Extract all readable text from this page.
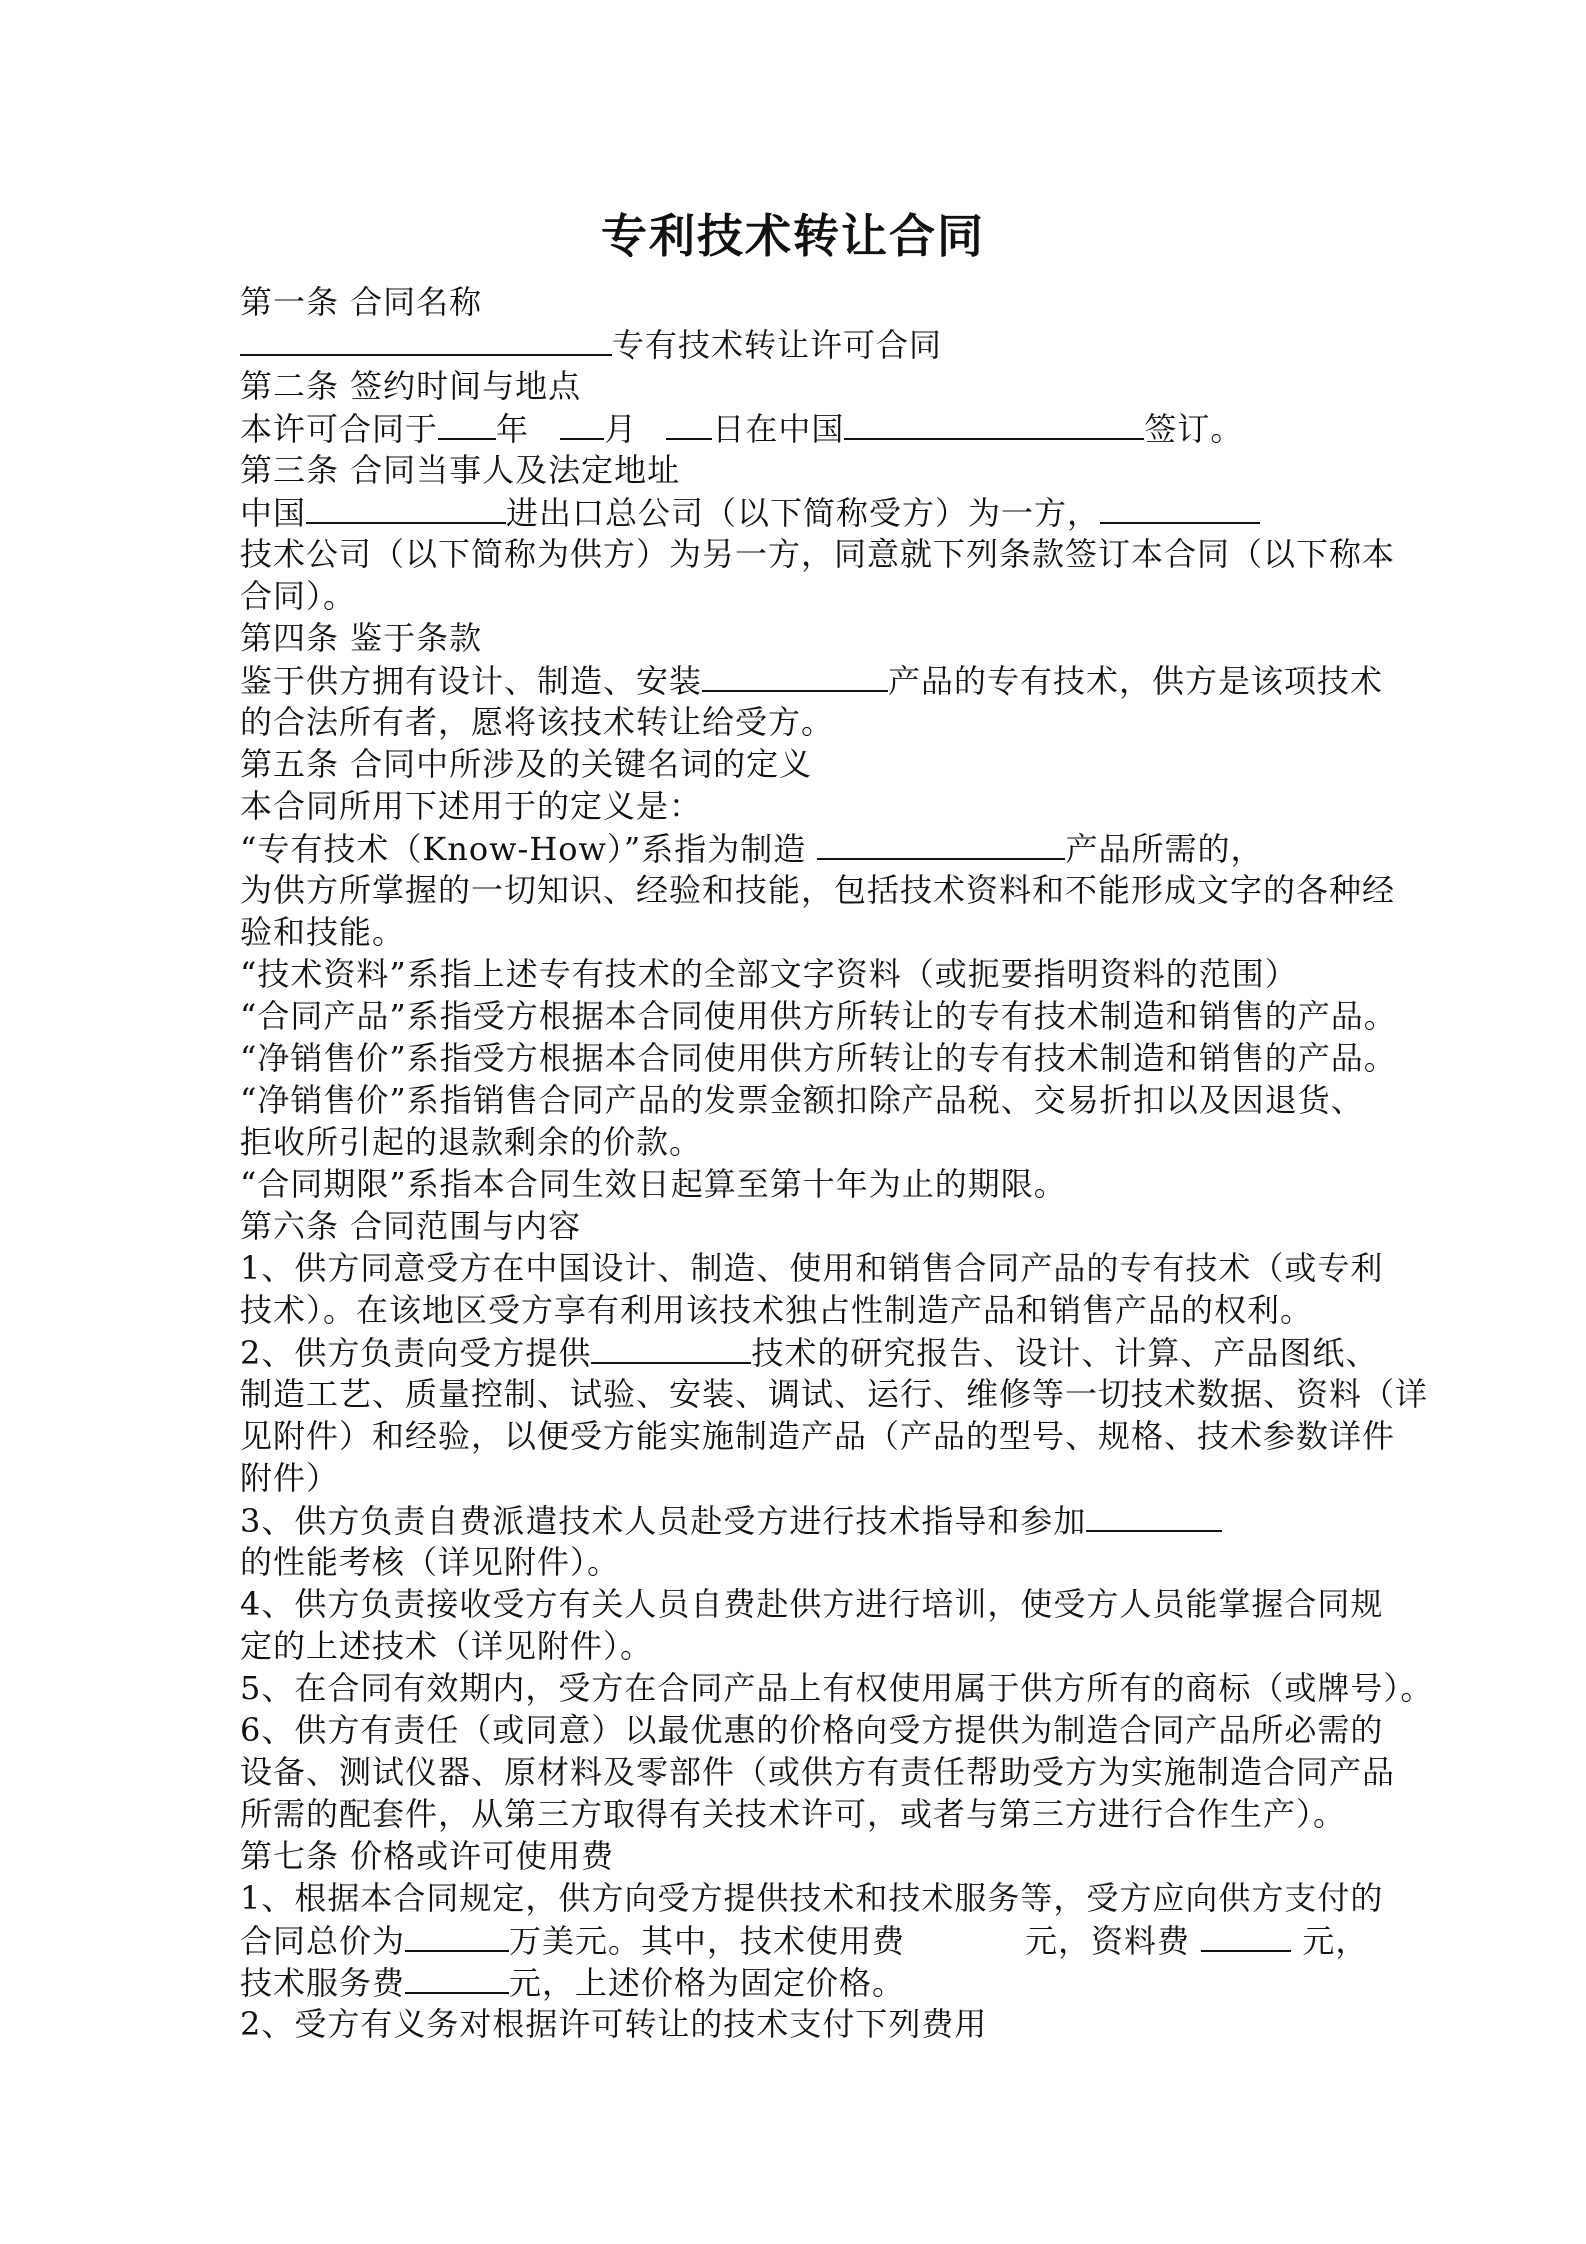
专利技术转让合同
第一条 合同名称
专有技术转让许可合同
第二条 签约时间与地点
本许可合同于 年 月 日在中国	签订。
第三条 合同当事人及法定地址
中国	进出口总公司（以下简称受方）为一方，
技术公司（以下简称为供方）为另一方，同意就下列条款签订本合同（以下称本
合同）。
第四条 鉴于条款
鉴于供方拥有设计、制造、安装	产品的专有技术，供方是该项技术
的合法所有者，愿将该技术转让给受方。
第五条 合同中所涉及的关键名词的定义
本合同所用下述用于的定义是：
“专有技术（Know-How）”系指为制造	产品所需的，
为供方所掌握的一切知识、经验和技能，包括技术资料和不能形成文字的各种经
验和技能。
“技术资料”系指上述专有技术的全部文字资料（或扼要指明资料的范围）
“合同产品”系指受方根据本合同使用供方所转让的专有技术制造和销售的产品。
“净销售价”系指受方根据本合同使用供方所转让的专有技术制造和销售的产品。
“净销售价”系指销售合同产品的发票金额扣除产品税、交易折扣以及因退货、
拒收所引起的退款剩余的价款。
“合同期限”系指本合同生效日起算至第十年为止的期限。
第六条 合同范围与内容
1、供方同意受方在中国设计、制造、使用和销售合同产品的专有技术（或专利
技术）。在该地区受方享有利用该技术独占性制造产品和销售产品的权利。
2、供方负责向受方提供	技术的研究报告、设计、计算、产品图纸、
制造工艺、质量控制、试验、安装、调试、运行、维修等一切技术数据、资料（详
见附件）和经验，以便受方能实施制造产品（产品的型号、规格、技术参数详件
附件）
3、供方负责自费派遣技术人员赴受方进行技术指导和参加
的性能考核（详见附件）。
4、供方负责接收受方有关人员自费赴供方进行培训，使受方人员能掌握合同规
定的上述技术（详见附件）。
5、在合同有效期内，受方在合同产品上有权使用属于供方所有的商标（或牌号）。
6、供方有责任（或同意）以最优惠的价格向受方提供为制造合同产品所必需的
设备、测试仪器、原材料及零部件（或供方有责任帮助受方为实施制造合同产品
所需的配套件，从第三方取得有关技术许可，或者与第三方进行合作生产）。
第七条 价格或许可使用费
1、根据本合同规定，供方向受方提供技术和技术服务等，受方应向供方支付的
合同总价为	万美元。其中，技术使用费	元，资料费	元，
技术服务费	元，上述价格为固定价格。
2、受方有义务对根据许可转让的技术支付下列费用
